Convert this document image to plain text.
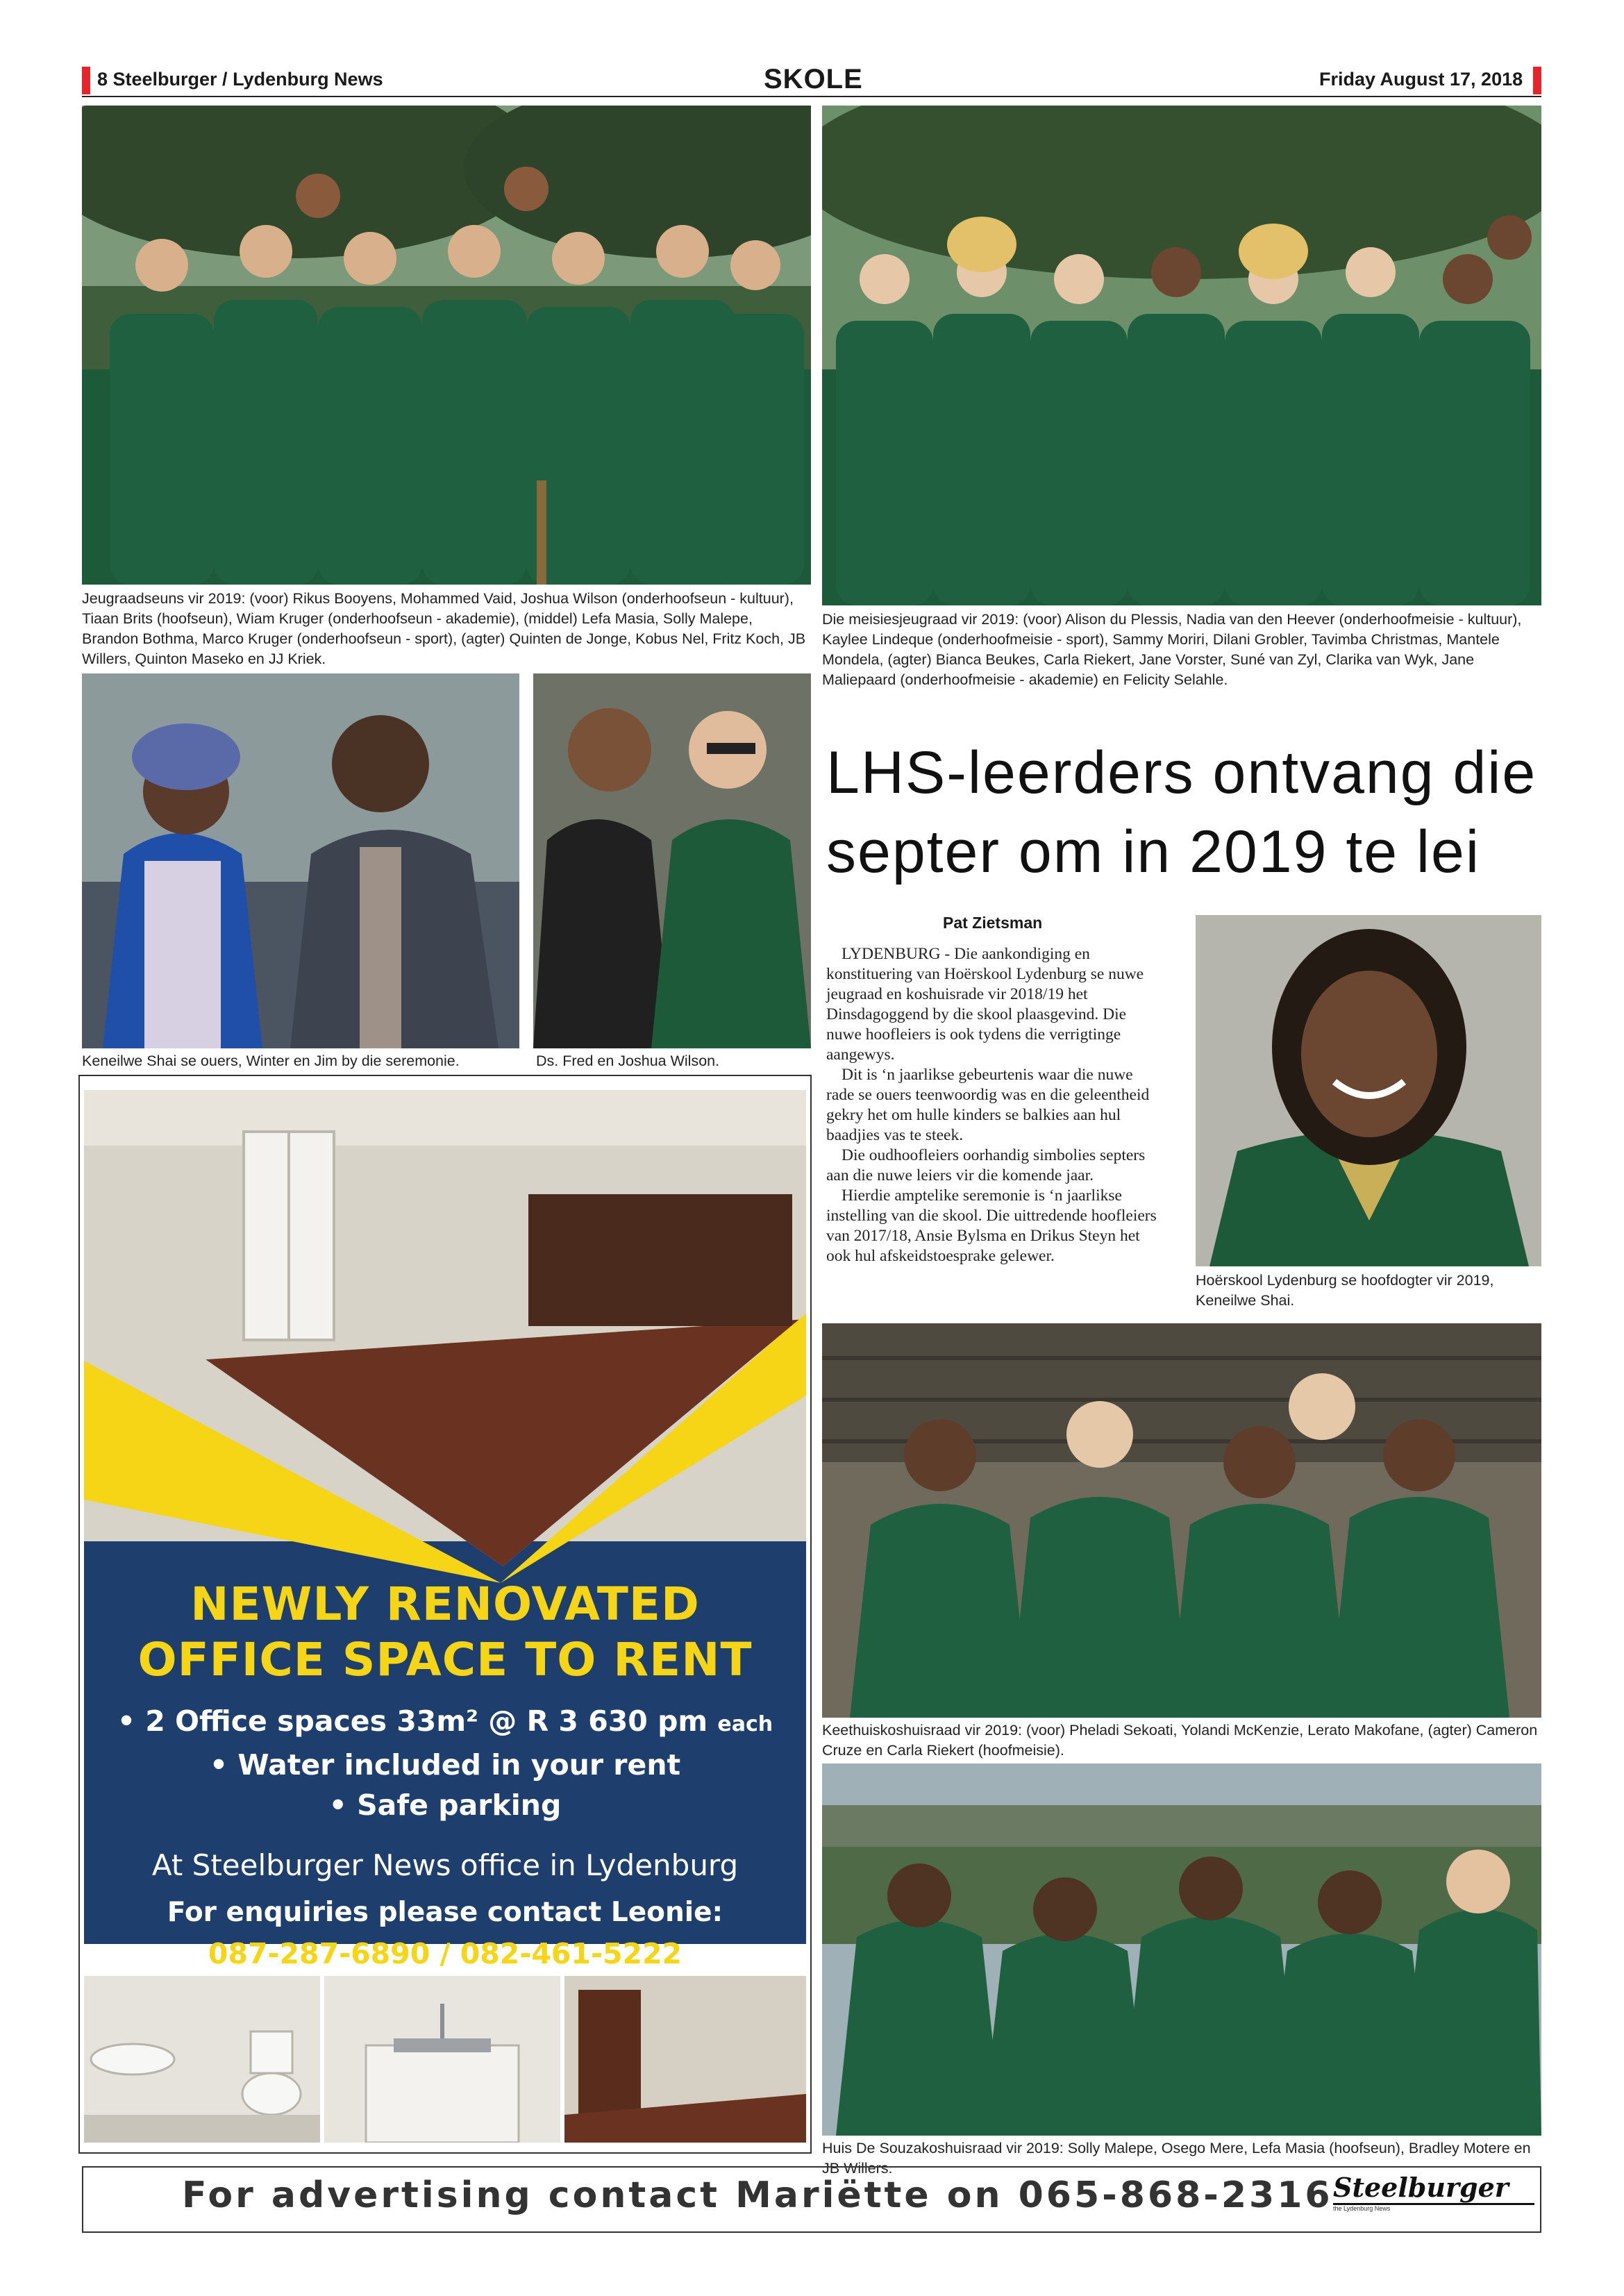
8 Steelburger / Lydenburg News	SKOLE	Friday August 17, 2018
Jeugraadseuns vir 2019: (voor) Rikus Booyens, Mohammed Vaid, Joshua Wilson (onderhoofseun - kultuur), Tiaan Brits (hoofseun), Wiam Kruger (onderhoofseun - akademie), (middel) Lefa Masia, Solly Malepe, Brandon Bothma, Marco Kruger (onderhoofseun - sport), (agter) Quinten de Jonge, Kobus Nel, Fritz Koch, JB Willers, Quinton Maseko en JJ Kriek.
Die meisiesjeugraad vir 2019: (voor) Alison du Plessis, Nadia van den Heever (onderhoofmeisie - kultuur), Kaylee Lindeque (onderhoofmeisie - sport), Sammy Moriri, Dilani Grobler, Tavimba Christmas, Mantele Mondela, (agter) Bianca Beukes, Carla Riekert, Jane Vorster, Suné van Zyl, Clarika van Wyk, Jane Maliepaard (onderhoofmeisie - akademie) en Felicity Selahle.
Keneilwe Shai se ouers, Winter en Jim by die seremonie.	Ds. Fred en Joshua Wilson.
LHS-leerders ontvang die septer om in 2019 te lei
Pat Zietsman

LYDENBURG - Die aankondiging en konstituering van Hoërskool Lydenburg se nuwe jeugraad en koshuisrade vir 2018/19 het Dinsdagoggend by die skool plaasgevind. Die nuwe hoofleiers is ook tydens die verrigtinge aangewys.

Dit is ‘n jaarlikse gebeurtenis waar die nuwe rade se ouers teenwoordig was en die geleentheid gekry het om hulle kinders se balkies aan hul baadjies vas te steek.

Die oudhoofleiers oorhandig simbolies septers aan die nuwe leiers vir die komende jaar.

Hierdie amptelike seremonie is ‘n jaarlikse instelling van die skool. Die uittredende hoofleiers van 2017/18, Ansie Bylsma en Drikus Steyn het ook hul afskeidstoesprake gelewer.

Hoërskool Lydenburg se hoofdogter vir 2019, Keneilwe Shai.
Keethuiskoshuisraad vir 2019: (voor) Pheladi Sekoati, Yolandi McKenzie, Lerato Makofane, (agter) Cameron Cruze en Carla Riekert (hoofmeisie).
Huis De Souzakoshuisraad vir 2019: Solly Malepe, Osego Mere, Lefa Masia (hoofseun), Bradley Motere en JB Willers.
NEWLY RENOVATED
OFFICE SPACE TO RENT
• 2 Office spaces 33m² @ R 3 630 pm each
• Water included in your rent
• Safe parking
At Steelburger News office in Lydenburg
For enquiries please contact Leonie:
087-287-6890 / 082-461-5222
For advertising contact Mariëtte on 065-868-2316 Steelburger
the Lydenburg News
